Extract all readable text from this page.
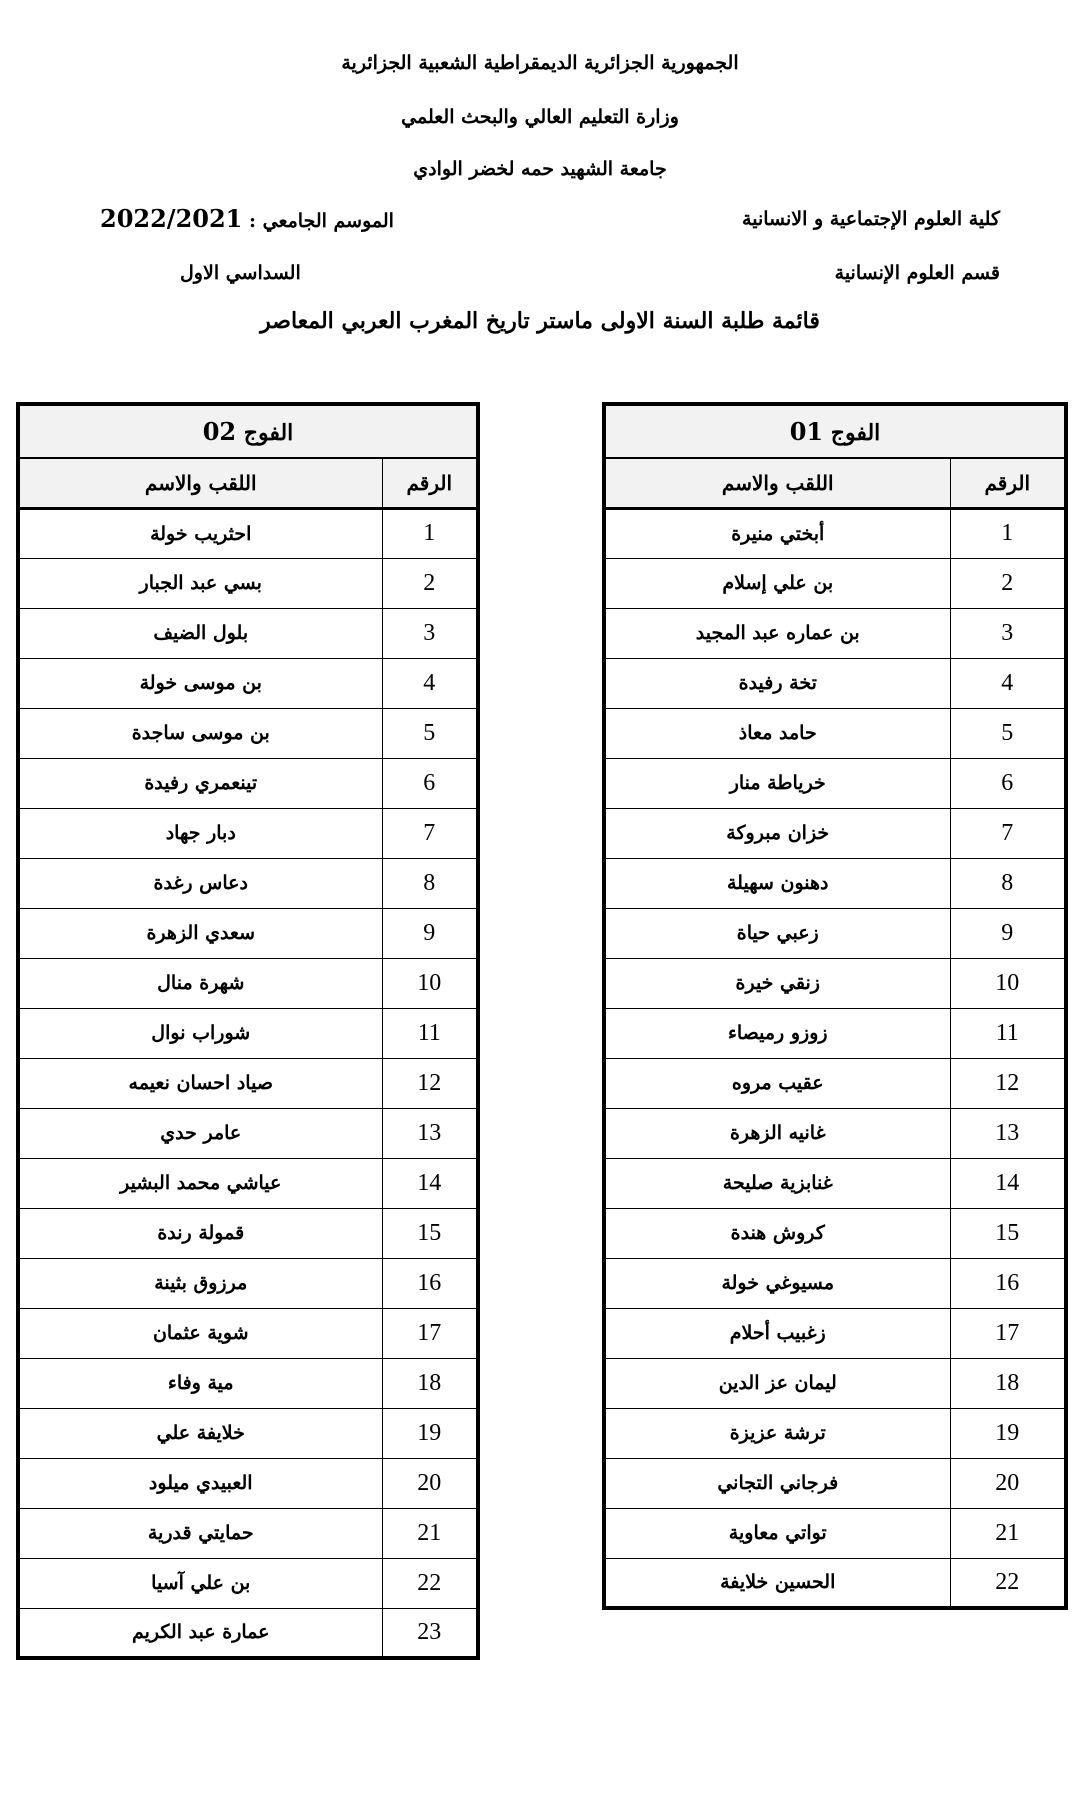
الجمهورية الجزائرية الديمقراطية الشعبية الجزائرية
وزارة التعليم العالي والبحث العلمي
جامعة الشهيد حمه لخضر الوادي
كلية العلوم الإجتماعية و الانسانية
قسم العلوم الإنسانية
الموسم الجامعي : 2022/2021
السداسي الاول
قائمة طلبة السنة الاولى ماستر تاريخ المغرب العربي المعاصر
الفوج 01	
الرقم	اللقب والاسم
1	أبختي منيرة
2	بن علي إسلام
3	بن عماره عبد المجيد
4	تخة رفيدة
5	حامد معاذ
6	خرياطة منار
7	خزان مبروكة
8	دهنون سهيلة
9	زعبي حياة
10	زنقي خيرة
11	زوزو رميصاء
12	عقيب مروه
13	غانيه الزهرة
14	غنابزية صليحة
15	كروش هندة
16	مسيوغي خولة
17	زغبيب أحلام
18	ليمان عز الدين
19	ترشة عزيزة
20	فرجاني التجاني
21	تواتي معاوية
22	الحسين خلايفة
الفوج 02	
الرقم	اللقب والاسم
1	احثريب خولة
2	بسي عبد الجبار
3	بلول الضيف
4	بن موسى خولة
5	بن موسى ساجدة
6	تينعمري رفيدة
7	دبار جهاد
8	دعاس رغدة
9	سعدي الزهرة
10	شهرة منال
11	شوراب نوال
12	صياد احسان نعيمه
13	عامر حدي
14	عياشي محمد البشير
15	قمولة رندة
16	مرزوق بثينة
17	شوية عثمان
18	مية وفاء
19	خلايفة علي
20	العبيدي ميلود
21	حمايتي قدرية
22	بن علي آسيا
23	عمارة عبد الكريم
